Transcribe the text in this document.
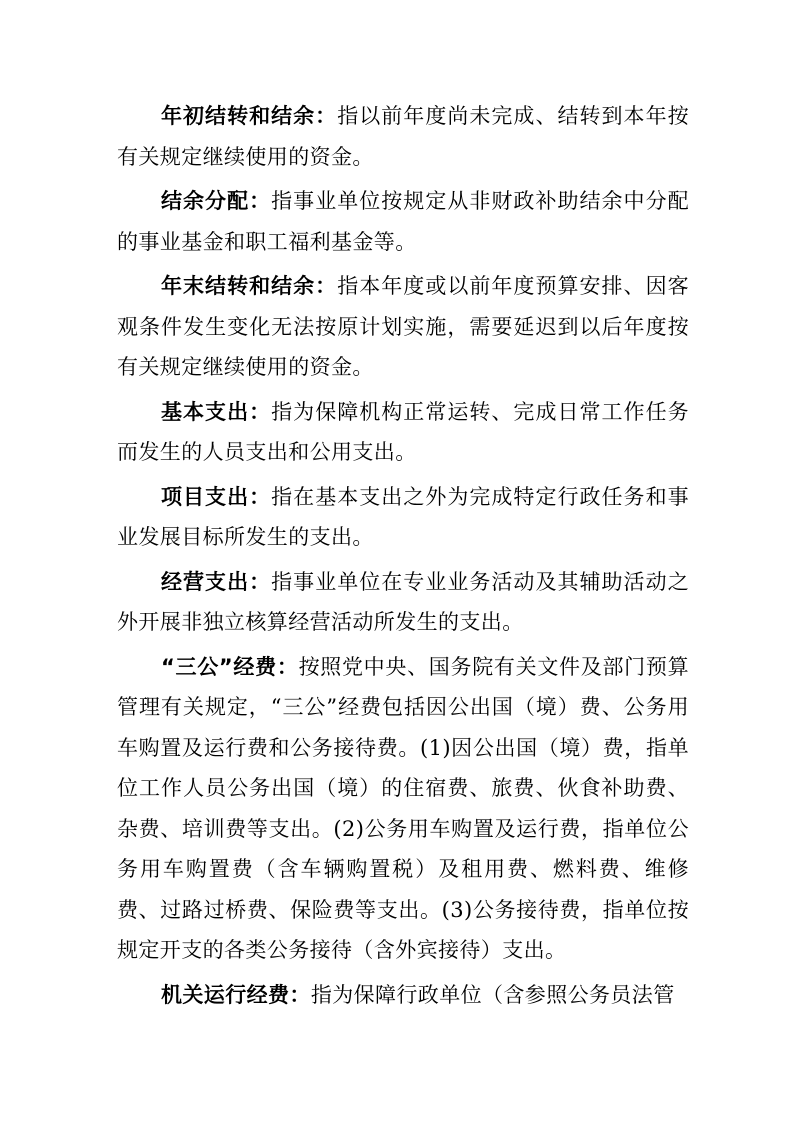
年初结转和结余：指以前年度尚未完成、结转到本年按有关规定继续使用的资金。

结余分配：指事业单位按规定从非财政补助结余中分配的事业基金和职工福利基金等。

年末结转和结余：指本年度或以前年度预算安排、因客观条件发生变化无法按原计划实施，需要延迟到以后年度按有关规定继续使用的资金。

基本支出：指为保障机构正常运转、完成日常工作任务而发生的人员支出和公用支出。

项目支出：指在基本支出之外为完成特定行政任务和事业发展目标所发生的支出。

经营支出：指事业单位在专业业务活动及其辅助活动之外开展非独立核算经营活动所发生的支出。

“三公”经费：按照党中央、国务院有关文件及部门预算管理有关规定，“三公”经费包括因公出国（境）费、公务用车购置及运行费和公务接待费。(1)因公出国（境）费，指单位工作人员公务出国（境）的住宿费、旅费、伙食补助费、杂费、培训费等支出。(2)公务用车购置及运行费，指单位公务用车购置费（含车辆购置税）及租用费、燃料费、维修费、过路过桥费、保险费等支出。(3)公务接待费，指单位按规定开支的各类公务接待（含外宾接待）支出。

机关运行经费：指为保障行政单位（含参照公务员法管
